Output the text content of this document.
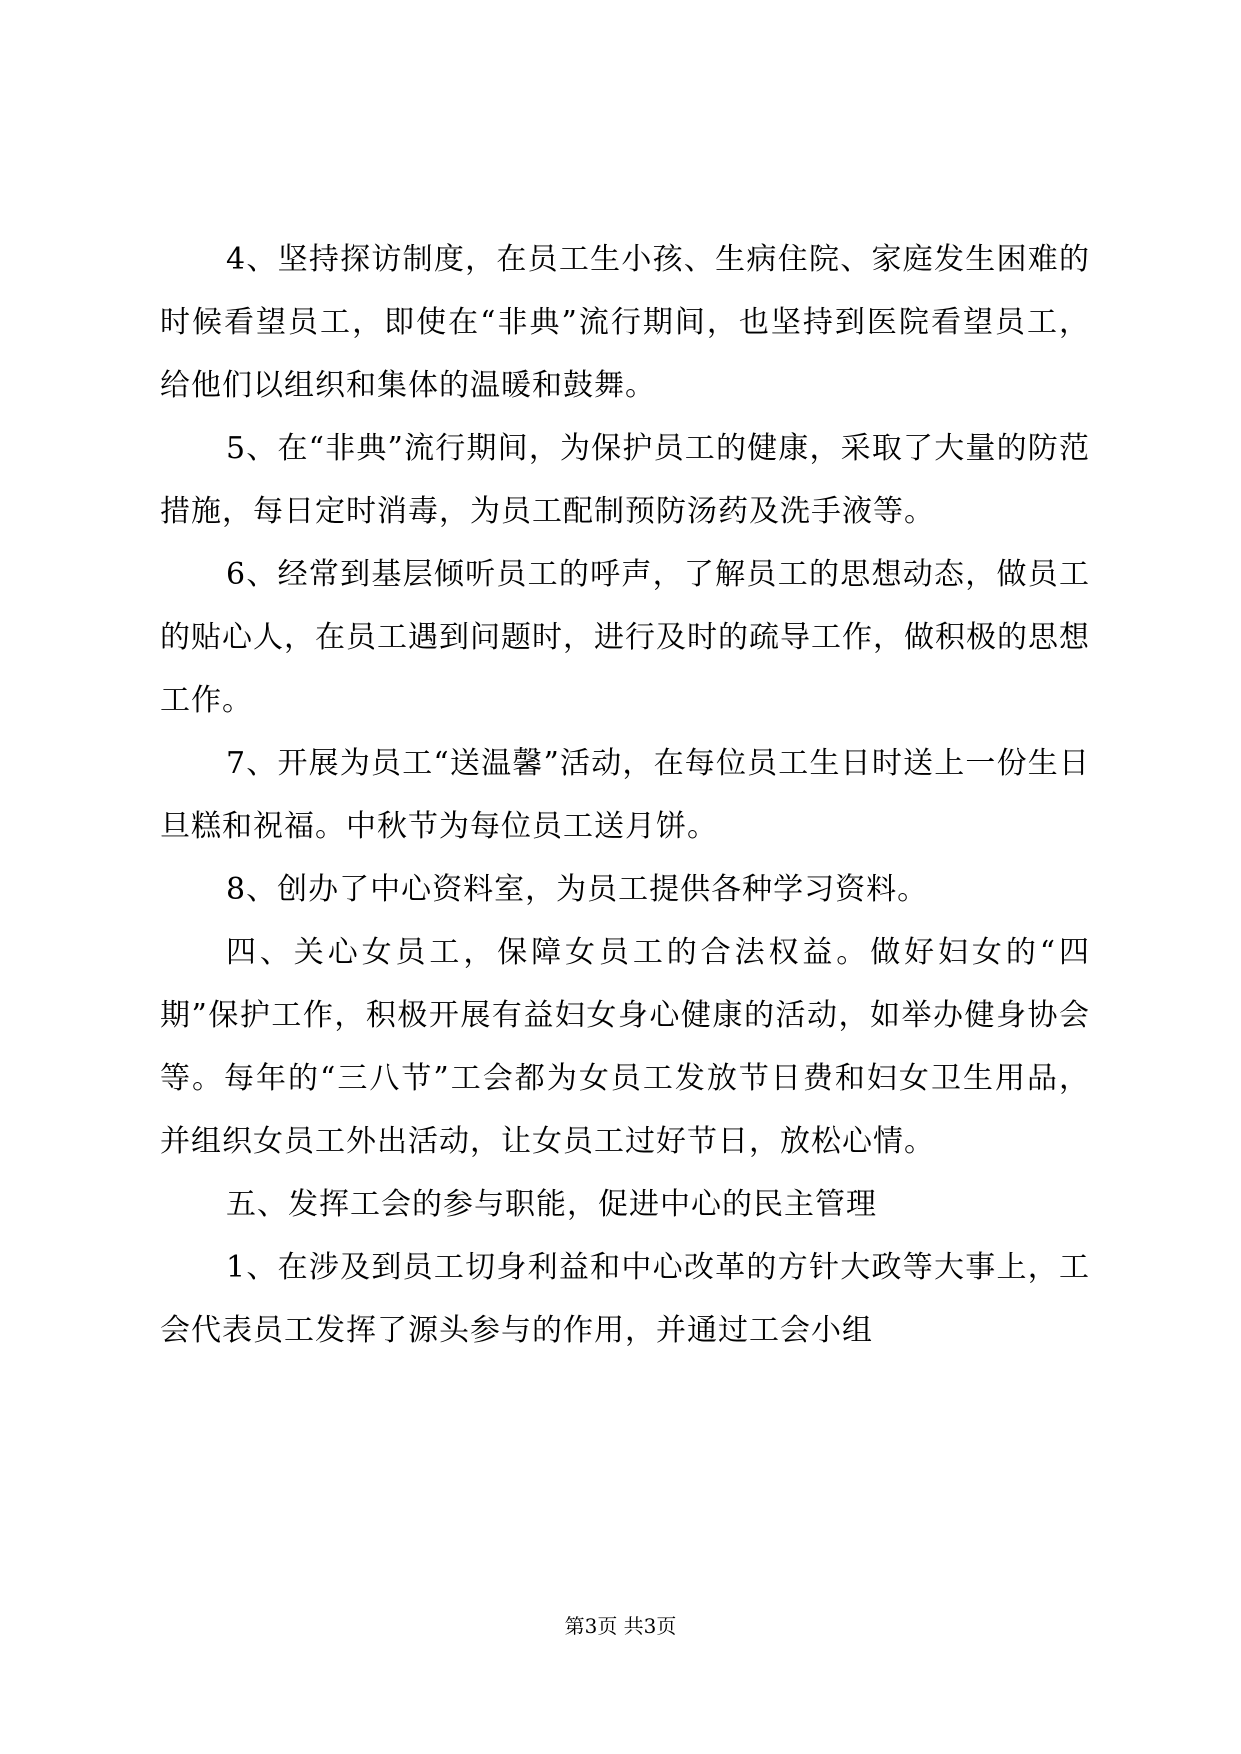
4、坚持探访制度，在员工生小孩、生病住院、家庭发生困难的时候看望员工，即使在“非典”流行期间，也坚持到医院看望员工，给他们以组织和集体的温暖和鼓舞。

5、在“非典”流行期间，为保护员工的健康，采取了大量的防范措施，每日定时消毒，为员工配制预防汤药及洗手液等。

6、经常到基层倾听员工的呼声，了解员工的思想动态，做员工的贴心人，在员工遇到问题时，进行及时的疏导工作，做积极的思想工作。

7、开展为员工“送温馨”活动，在每位员工生日时送上一份生日旦糕和祝福。中秋节为每位员工送月饼。

8、创办了中心资料室，为员工提供各种学习资料。

四、关心女员工，保障女员工的合法权益。做好妇女的“四期”保护工作，积极开展有益妇女身心健康的活动，如举办健身协会等。每年的“三八节”工会都为女员工发放节日费和妇女卫生用品，并组织女员工外出活动，让女员工过好节日，放松心情。

五、发挥工会的参与职能，促进中心的民主管理

1、在涉及到员工切身利益和中心改革的方针大政等大事上，工会代表员工发挥了源头参与的作用，并通过工会小组

第3页 共3页
